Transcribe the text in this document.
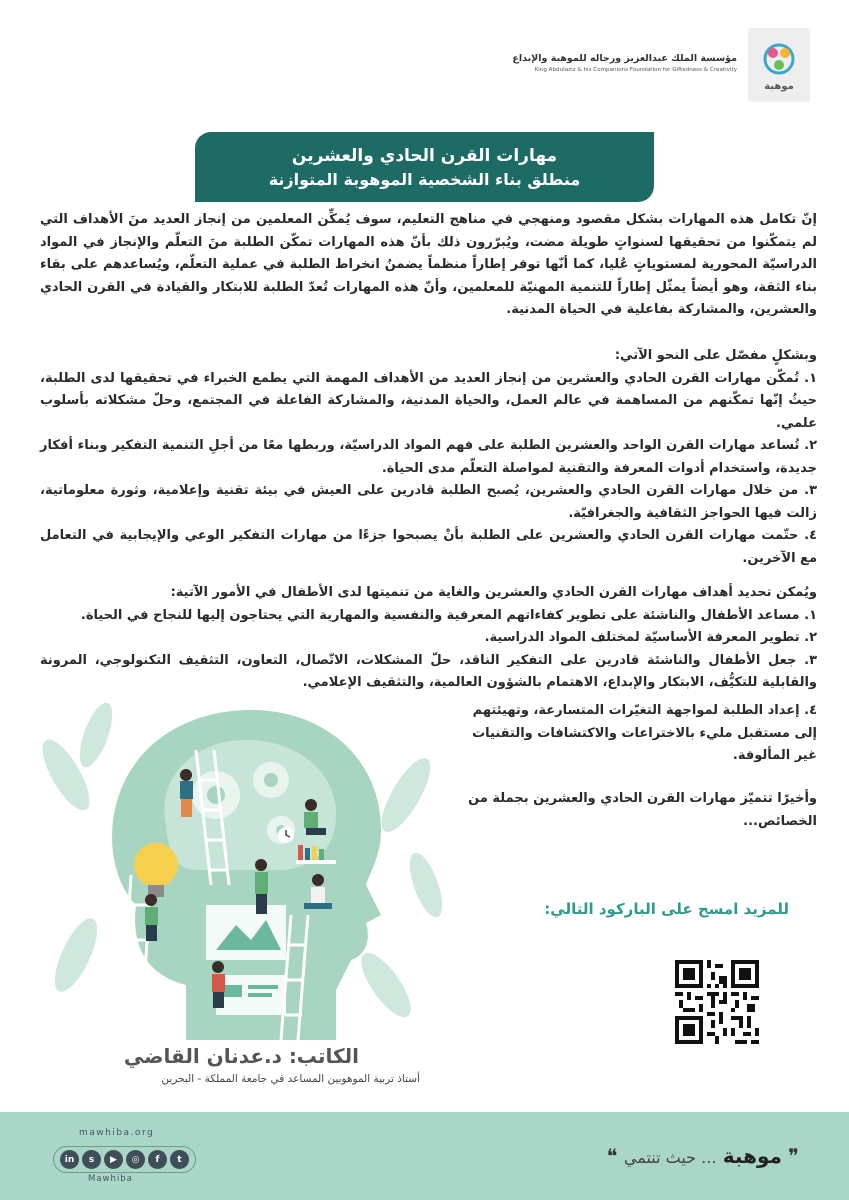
موهبة
مؤسسة الملك عبدالعزيز ورجاله للموهبة والإبداع
King Abdulaziz & his Companions Foundation for Giftedness & Creativity
مهارات القرن الحادي والعشرين
منطلق بناء الشخصية الموهوبة المتوازنة

إنّ تكامل هذه المهارات بشكل مقصود ومنهجي في مناهج التعليم، سوف يُمكِّن المعلمين من إنجاز العديد منَ الأهداف التي لم يتمكّنوا من تحقيقها لسنواتٍ طويلة مضت، ويُبرّرون ذلك بأنّ هذه المهارات تمكّن الطلبة منَ التعلّم والإنجاز في المواد الدراسيّة المحورية لمستوياتٍ عُليا، كما أنّها توفر إطاراً منظماً يضمنُ انخراط الطلبة في عملية التعلّم، ويُساعدهم على بقاء بناء الثقة، وهو أيضاً يمثّل إطاراً للتنمية المهنيّة للمعلمين، وأنّ هذه المهارات تُعدّ الطلبة للابتكار والقيادة في القرن الحادي والعشرين، والمشاركة بفاعلية في الحياة المدنية.

وبشكلٍ مفصّل على النحو الآتي:

١. تُمكّن مهارات القرن الحادي والعشرين من إنجاز العديد من الأهداف المهمة التي يطمع الخبراء في تحقيقها لدى الطلبة، حيثُ إنّها تمكّنهم من المساهمة في عالم العمل، والحياة المدنية، والمشاركة الفاعلة في المجتمع، وحلّ مشكلاته بأسلوب علمي.

٢. تُساعد مهارات القرن الواحد والعشرين الطلبة على فهم المواد الدراسيّة، وربطها معًا من أجلِ التنمية التفكير وبناء أفكار جديدة، واستخدام أدوات المعرفة والتقنية لمواصلة التعلّم مدى الحياة.

٣. من خلال مهارات القرن الحادي والعشرين، يُصبح الطلبة قادرين على العيش في بيئة تقنية وإعلامية، وثورة معلوماتية، زالت فيها الحواجز الثقافية والجغرافيّة.

٤. حتّمت مهارات القرن الحادي والعشرين على الطلبة بأنْ يصبحوا جزءًا من مهارات التفكير الوعي والإيجابية في التعامل مع الآخرين.

ويُمكن تحديد أهداف مهارات القرن الحادي والعشرين والغاية من تنميتها لدى الأطفال في الأمور الآتية:

١. مساعد الأطفال والناشئة على تطوير كفاءاتهم المعرفية والنفسية والمهارية التي يحتاجون إليها للنجاح في الحياة.

٢. تطوير المعرفة الأساسيّة لمختلف المواد الدراسية.

٣. جعل الأطفال والناشئة قادرين على التفكير الناقد، حلّ المشكلات، الاتّصال، التعاون، التثقيف التكنولوجي، المرونة والقابلية للتكيُّف، الابتكار والإبداع، الاهتمام بالشؤون العالمية، والتثقيف الإعلامي.

٤. إعداد الطلبة لمواجهة التغيّرات المتسارعة، وتهيئتهم

إلى مستقبل مليء بالاختراعات والاكتشافات والتقنيات

غير المألوفة.

وأخيرًا تتميّز مهارات القرن الحادي والعشرين بجملة من

الخصائص...

للمزيد امسح على الباركود التالي:
الكاتب: د.عدنان القاضي
أستاذ تربية الموهوبين المساعد في جامعة المملكة - البحرين
mawhiba.org
in	s	▶	◎	f	t
Mawhiba
❞ موهبة ... حيث تنتمي ❝
